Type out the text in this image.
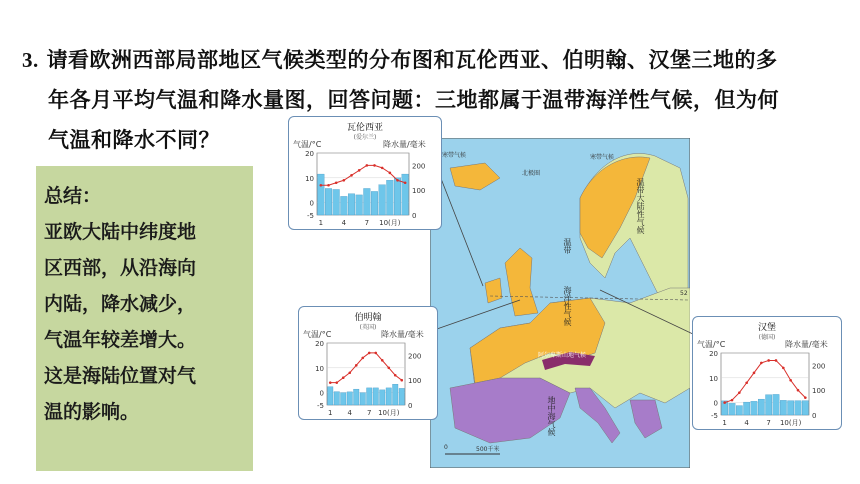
3. 请看欧洲西部局部地区气候类型的分布图和瓦伦西亚、伯明翰、汉堡三地的多
年各月平均气温和降水量图，回答问题：三地都属于温带海洋性气候，但为何
气温和降水不同？
总结：
亚欧大陆中纬度地
区西部，从沿海向
内陆，降水减少，
气温年较差增大。
这是海陆位置对气
温的影响。
寒带气候	寒带气候
北极圈
52
阿尔卑斯山地气候
0	500千米
温带大陆性气候
温带
海洋性气候
地中海气候
瓦伦西亚
(爱尔兰)
气温/°C	降水量/毫米
20
10
0
-5
200
100
0
1	4	7 10(月)
伯明翰
(英国)
气温/°C	降水量/毫米
20
10
0
-5
200
100
0
1 4 7 10(月)
汉堡
(德国)
气温/°C	降水量/毫米
20
10
0
-5
200
100
0
1	4	7 10(月)
